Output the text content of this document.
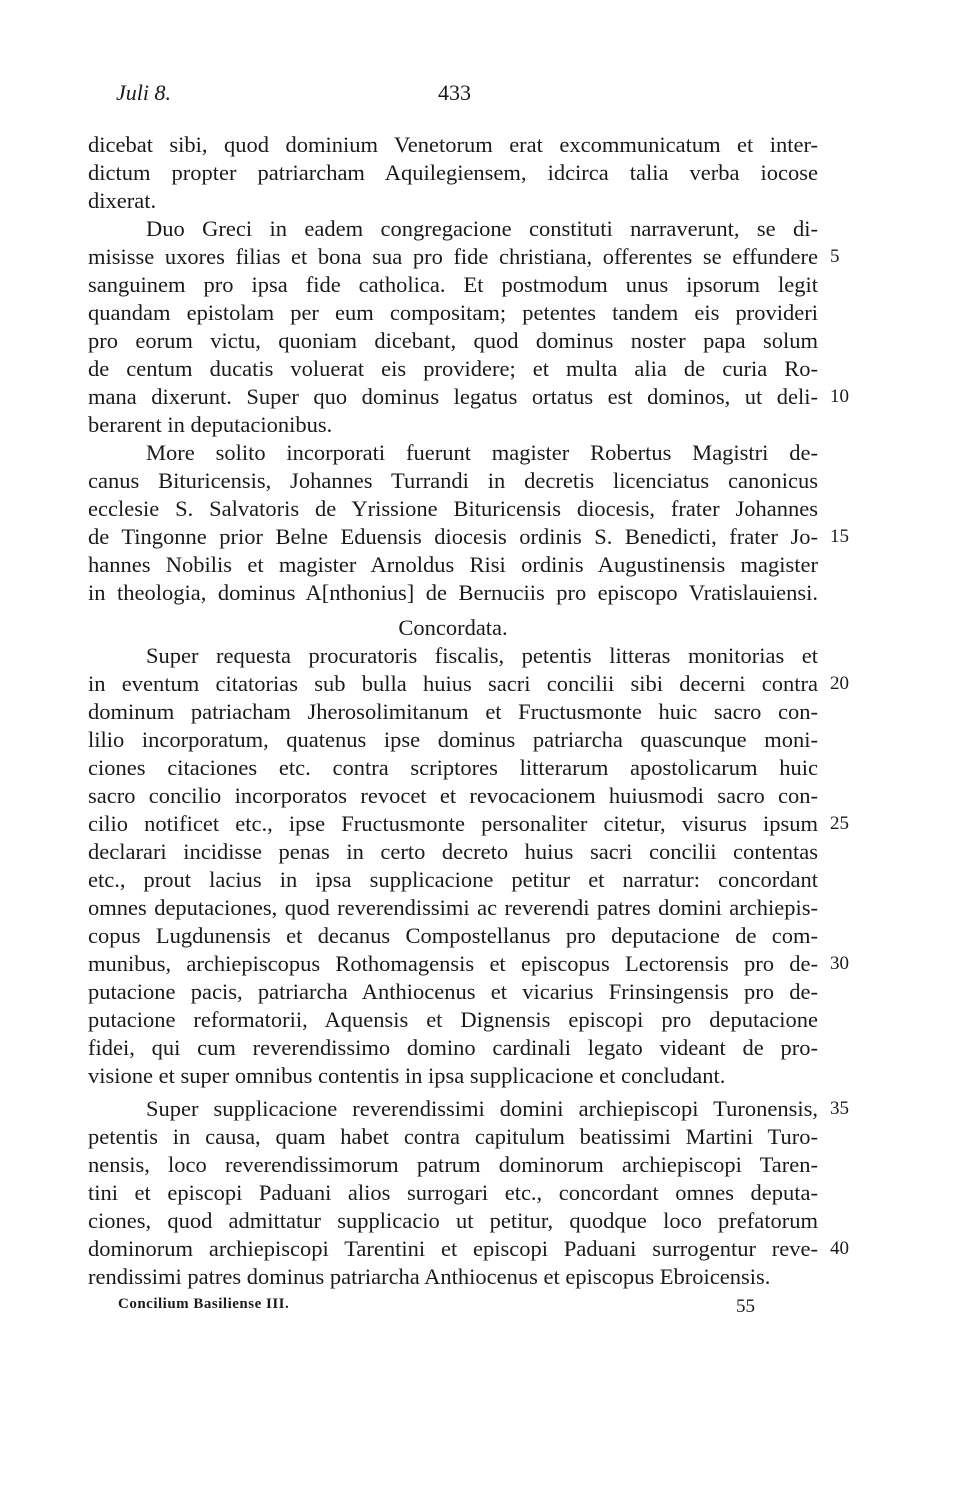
Juli 8.	433
dicebat sibi, quod dominium Venetorum erat excommunicatum et inter-
dictum propter patriarcham Aquilegiensem, idcirca talia verba iocose
dixerat.
Duo Greci in eadem congregacione constituti narraverunt, se di-
misisse uxores filias et bona sua pro fide christiana, offerentes se effundere
sanguinem pro ipsa fide catholica. Et postmodum unus ipsorum legit
quandam epistolam per eum compositam; petentes tandem eis provideri
pro eorum victu, quoniam dicebant, quod dominus noster papa solum
de centum ducatis voluerat eis providere; et multa alia de curia Ro-
mana dixerunt. Super quo dominus legatus ortatus est dominos, ut deli-
berarent in deputacionibus.
More solito incorporati fuerunt magister Robertus Magistri de-
canus Bituricensis, Johannes Turrandi in decretis licenciatus canonicus
ecclesie S. Salvatoris de Yrissione Bituricensis diocesis, frater Johannes
de Tingonne prior Belne Eduensis diocesis ordinis S. Benedicti, frater Jo-
hannes Nobilis et magister Arnoldus Risi ordinis Augustinensis magister
in theologia, dominus A[nthonius] de Bernuciis pro episcopo Vratislauiensi.
Concordata.
Super requesta procuratoris fiscalis, petentis litteras monitorias et
in eventum citatorias sub bulla huius sacri concilii sibi decerni contra
dominum patriacham Jherosolimitanum et Fructusmonte huic sacro con-
lilio incorporatum, quatenus ipse dominus patriarcha quascunque moni-
ciones citaciones etc. contra scriptores litterarum apostolicarum huic
sacro concilio incorporatos revocet et revocacionem huiusmodi sacro con-
cilio notificet etc., ipse Fructusmonte personaliter citetur, visurus ipsum
declarari incidisse penas in certo decreto huius sacri concilii contentas
etc., prout lacius in ipsa supplicacione petitur et narratur: concordant
omnes deputaciones, quod reverendissimi ac reverendi patres domini archiepis-
copus Lugdunensis et decanus Compostellanus pro deputacione de com-
munibus, archiepiscopus Rothomagensis et episcopus Lectorensis pro de-
putacione pacis, patriarcha Anthiocenus et vicarius Frinsingensis pro de-
putacione reformatorii, Aquensis et Dignensis episcopi pro deputacione
fidei, qui cum reverendissimo domino cardinali legato videant de pro-
visione et super omnibus contentis in ipsa supplicacione et concludant.
Super supplicacione reverendissimi domini archiepiscopi Turonensis,
petentis in causa, quam habet contra capitulum beatissimi Martini Turo-
nensis, loco reverendissimorum patrum dominorum archiepiscopi Taren-
tini et episcopi Paduani alios surrogari etc., concordant omnes deputa-
ciones, quod admittatur supplicacio ut petitur, quodque loco prefatorum
dominorum archiepiscopi Tarentini et episcopi Paduani surrogentur reve-
rendissimi patres dominus patriarcha Anthiocenus et episcopus Ebroicensis.
5
10
15
20
25
30
35
40
Concilium Basiliense III.	55
